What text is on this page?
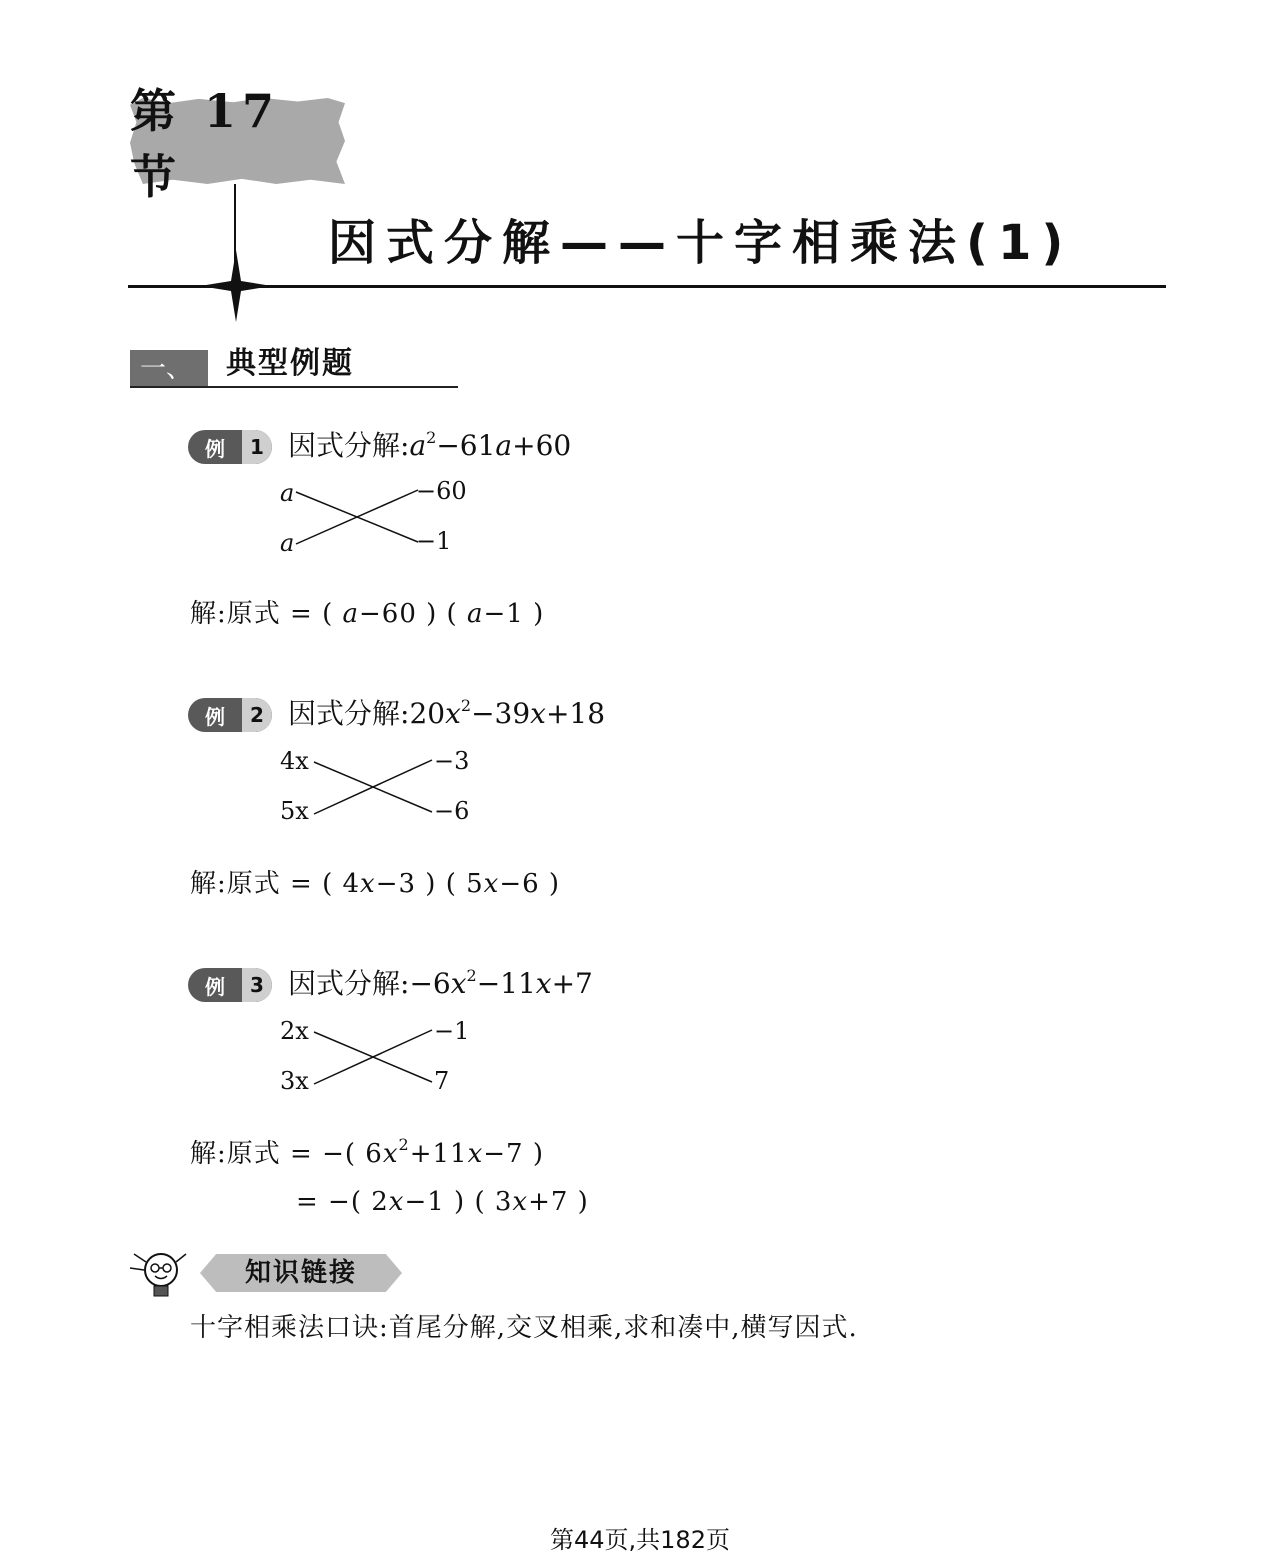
第 17 节
因式分解——十字相乘法(1)
一、	典型例题
例	1 因式分解$:a^2-61a+60$
a
a
−60
−1
解:原式 = ( a−60 ) ( a−1 )
例	2 因式分解$:20x^2-39x+18$
4x
5x
−3
−6
解:原式 = ( 4x−3 ) ( 5x−6 )
例	3 因式分解$:-6x^2-11x+7$
2x
3x
−1
7
解:原式 = −( $6x^2+11x-7$ )
= −( 2x−1 ) ( 3x+7 )
知识链接
十字相乘法口诀:首尾分解,交叉相乘,求和凑中,横写因式.
第44页,共182页
